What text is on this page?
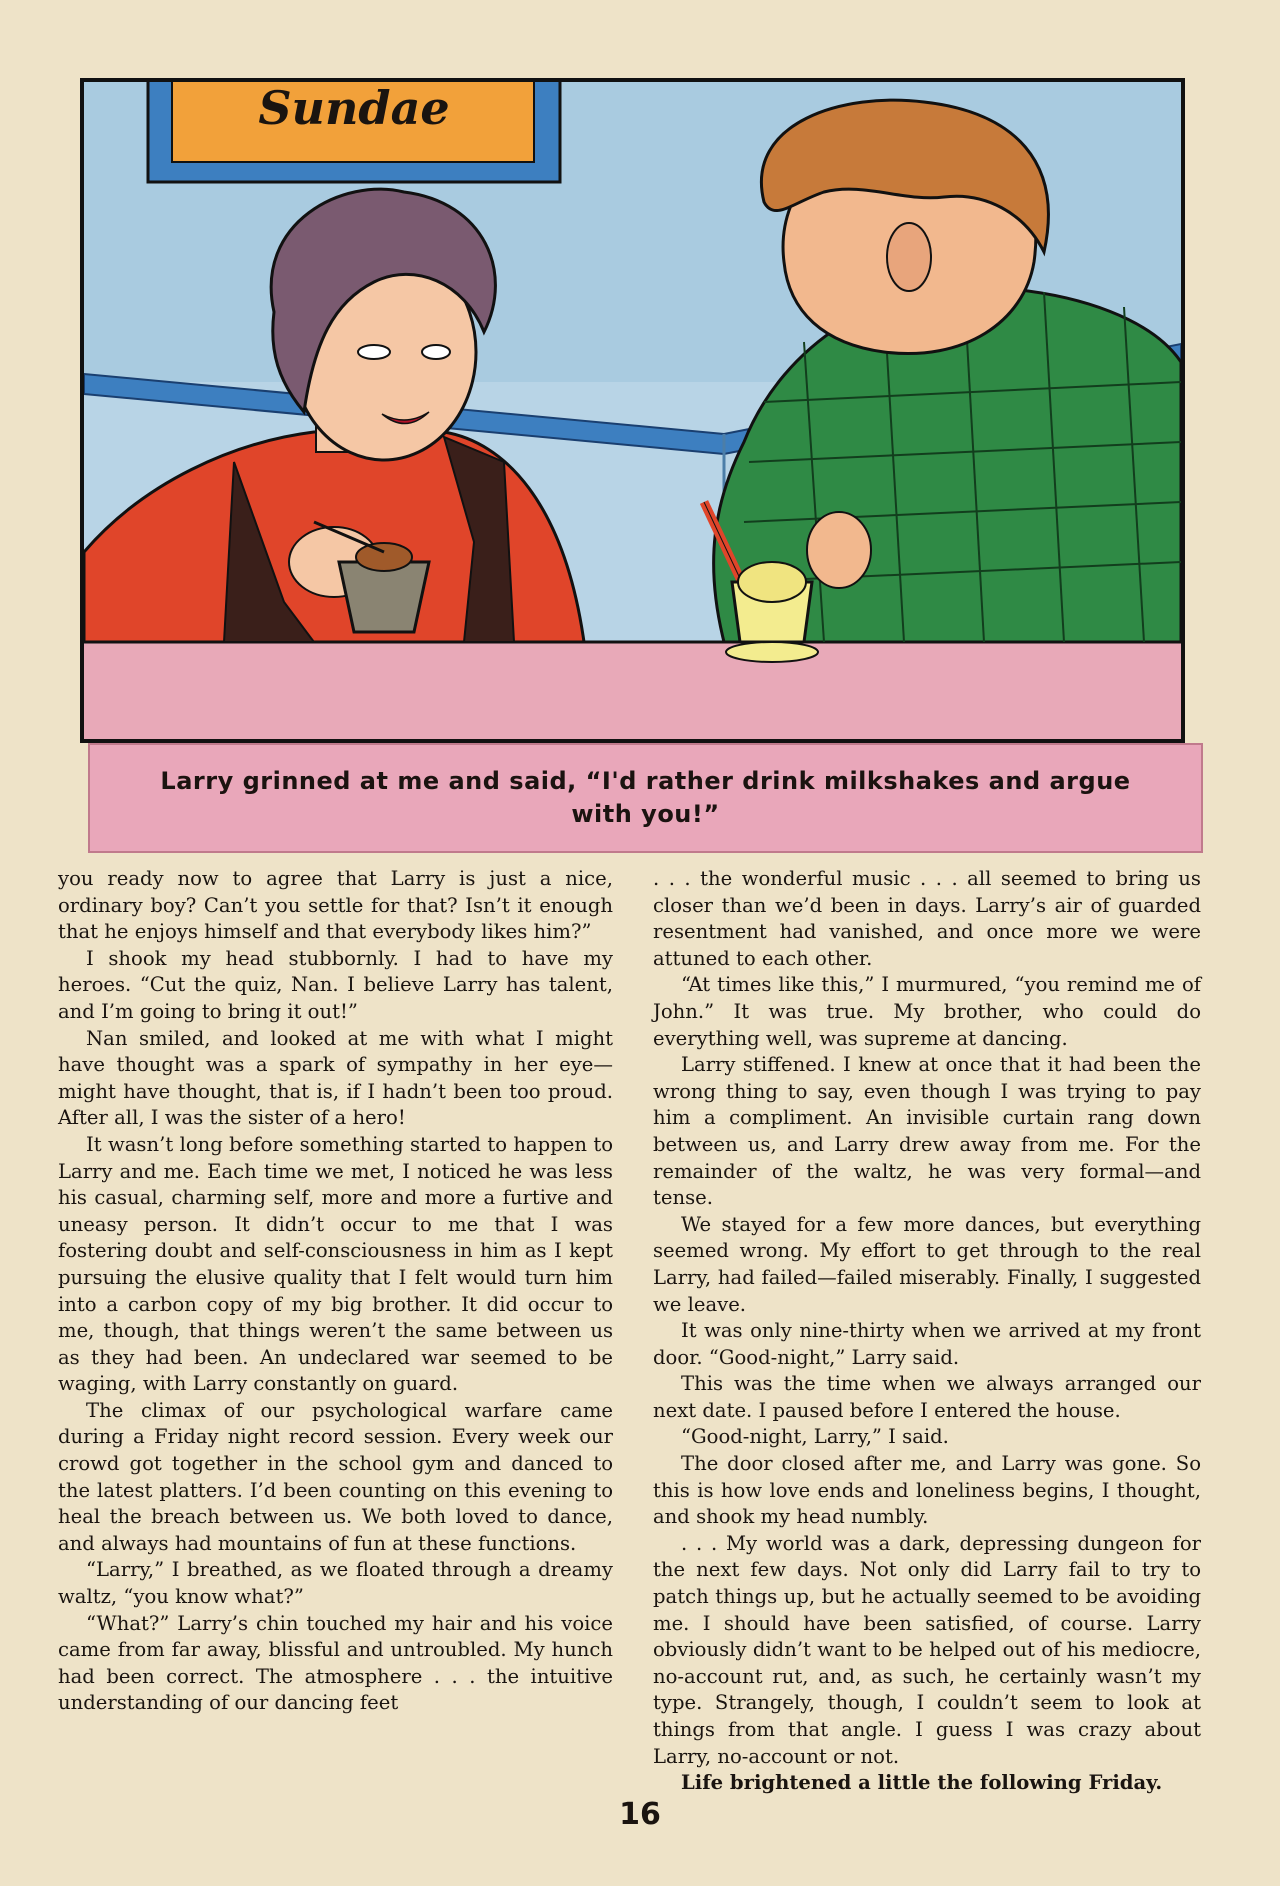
Sundae
Larry grinned at me and said, “I'd rather drink milkshakes and argue
with you!”

you ready now to agree that Larry is just a nice, ordinary boy? Can’t you settle for that? Isn’t it enough that he enjoys himself and that everybody likes him?”

I shook my head stubbornly. I had to have my heroes. “Cut the quiz, Nan. I believe Larry has talent, and I’m going to bring it out!”

Nan smiled, and looked at me with what I might have thought was a spark of sympathy in her eye—might have thought, that is, if I hadn’t been too proud. After all, I was the sister of a hero!

It wasn’t long before something started to happen to Larry and me. Each time we met, I noticed he was less his casual, charming self, more and more a furtive and uneasy person. It didn’t occur to me that I was fostering doubt and self-consciousness in him as I kept pursuing the elusive quality that I felt would turn him into a carbon copy of my big brother. It did occur to me, though, that things weren’t the same between us as they had been. An undeclared war seemed to be waging, with Larry constantly on guard.

The climax of our psychological warfare came during a Friday night record session. Every week our crowd got together in the school gym and danced to the latest platters. I’d been counting on this evening to heal the breach between us. We both loved to dance, and always had mountains of fun at these functions.

“Larry,” I breathed, as we floated through a dreamy waltz, “you know what?”

“What?” Larry’s chin touched my hair and his voice came from far away, blissful and untroubled. My hunch had been correct. The atmosphere . . . the intuitive understanding of our dancing feet

. . . the wonderful music . . . all seemed to bring us closer than we’d been in days. Larry’s air of guarded resentment had vanished, and once more we were attuned to each other.

“At times like this,” I murmured, “you remind me of John.” It was true. My brother, who could do everything well, was supreme at dancing.

Larry stiffened. I knew at once that it had been the wrong thing to say, even though I was trying to pay him a compliment. An invisible curtain rang down between us, and Larry drew away from me. For the remainder of the waltz, he was very formal—and tense.

We stayed for a few more dances, but everything seemed wrong. My effort to get through to the real Larry, had failed—failed miserably. Finally, I suggested we leave.

It was only nine-thirty when we arrived at my front door. “Good-night,” Larry said.

This was the time when we always arranged our next date. I paused before I entered the house.

“Good-night, Larry,” I said.

The door closed after me, and Larry was gone. So this is how love ends and loneliness begins, I thought, and shook my head numbly.

. . . My world was a dark, depressing dungeon for the next few days. Not only did Larry fail to try to patch things up, but he actually seemed to be avoiding me. I should have been satisfied, of course. Larry obviously didn’t want to be helped out of his mediocre, no-account rut, and, as such, he certainly wasn’t my type. Strangely, though, I couldn’t seem to look at things from that angle. I guess I was crazy about Larry, no-account or not.

Life brightened a little the following Friday.

16
